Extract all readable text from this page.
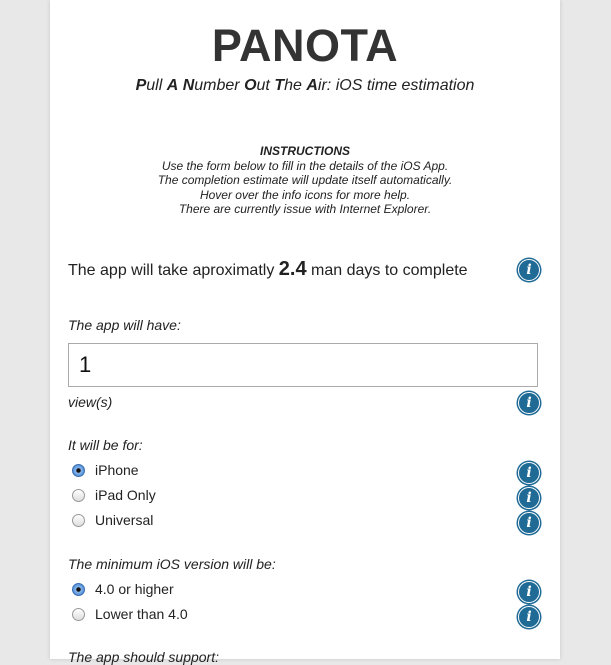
PANOTA
Pull A Number Out The Air: iOS time estimation
INSTRUCTIONS
Use the form below to fill in the details of the iOS App.
The completion estimate will update itself automatically.
Hover over the info icons for more help.
There are currently issue with Internet Explorer.
The app will take aproximatly 2.4 man days to complete	i
The app will have:
1
view(s)	i
It will be for:
iPhone	i
iPad Only	i
Universal	i
The minimum iOS version will be:
4.0 or higher	i
Lower than 4.0	i
The app should support:
